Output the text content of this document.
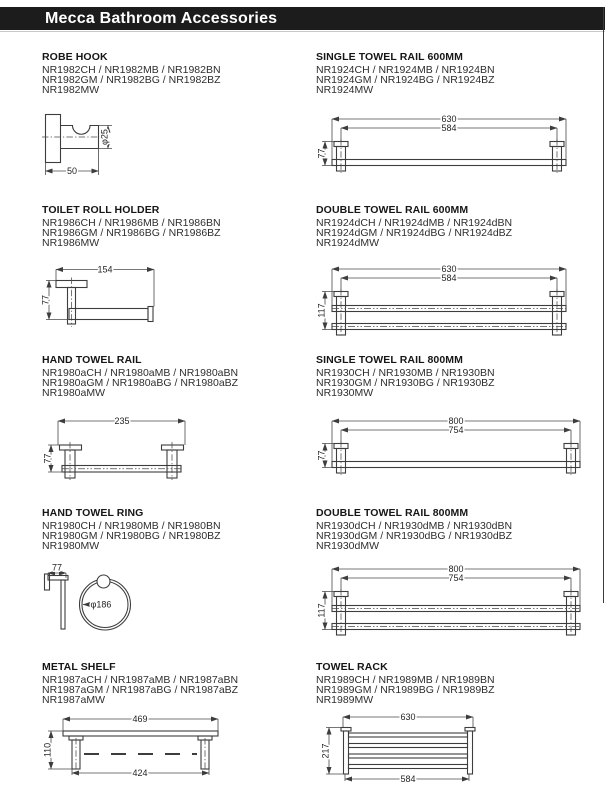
Mecca Bathroom Accessories
ROBE HOOK
NR1982CH / NR1982MB / NR1982BN
NR1982GM / NR1982BG / NR1982BZ
NR1982MW
φ25
50
SINGLE TOWEL RAIL 600MM
NR1924CH / NR1924MB / NR1924BN
NR1924GM / NR1924BG / NR1924BZ
NR1924MW
630
584
77
TOILET ROLL HOLDER
NR1986CH / NR1986MB / NR1986BN
NR1986GM / NR1986BG / NR1986BZ
NR1986MW
154
77
DOUBLE TOWEL RAIL 600MM
NR1924dCH / NR1924dMB / NR1924dBN
NR1924dGM / NR1924dBG / NR1924dBZ
NR1924dMW
630
584
117
HAND TOWEL RAIL
NR1980aCH / NR1980aMB / NR1980aBN
NR1980aGM / NR1980aBG / NR1980aBZ
NR1980aMW
235
77
SINGLE TOWEL RAIL 800MM
NR1930CH / NR1930MB / NR1930BN
NR1930GM / NR1930BG / NR1930BZ
NR1930MW
800
754
77
HAND TOWEL RING
NR1980CH / NR1980MB / NR1980BN
NR1980GM / NR1980BG / NR1980BZ
NR1980MW
77
φ186
DOUBLE TOWEL RAIL 800MM
NR1930dCH / NR1930dMB / NR1930dBN
NR1930dGM / NR1930dBG / NR1930dBZ
NR1930dMW
800
754
117
METAL SHELF
NR1987aCH / NR1987aMB / NR1987aBN
NR1987aGM / NR1987aBG / NR1987aBZ
NR1987aMW
469
424
110
TOWEL RACK
NR1989CH / NR1989MB / NR1989BN
NR1989GM / NR1989BG / NR1989BZ
NR1989MW
630
584
217
